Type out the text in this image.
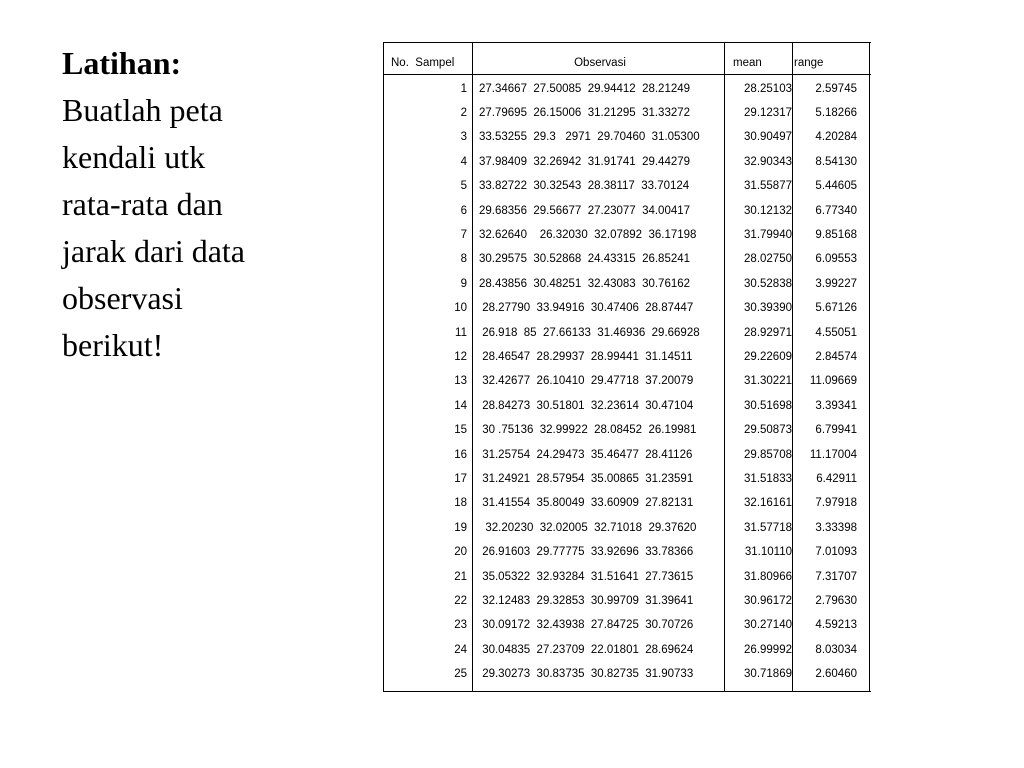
Latihan:
Buatlah peta
kendali utk
rata-rata dan
jarak dari data
observasi
berikut!
No.  Sampel	Observasi	mean	range
1 27.34667  27.50085  29.94412  28.21249	28.25103	2.59745
2 27.79695  26.15006  31.21295  31.33272	29.12317	5.18266
3 33.53255  29.3   2971  29.70460  31.05300	30.90497	4.20284
4 37.98409  32.26942  31.91741  29.44279	32.90343	8.54130
5 33.82722  30.32543  28.38117  33.70124	31.55877	5.44605
6 29.68356  29.56677  27.23077  34.00417	30.12132	6.77340
7 32.62640    26.32030  32.07892  36.17198	31.79940	9.85168
8 30.29575  30.52868  24.43315  26.85241	28.02750	6.09553
9 28.43856  30.48251  32.43083  30.76162	30.52838	3.99227
10 28.27790  33.94916  30.47406  28.87447	30.39390	5.67126
11 26.918  85  27.66133  31.46936  29.66928	28.92971	4.55051
12 28.46547  28.29937  28.99441  31.14511	29.22609	2.84574
13 32.42677  26.10410  29.47718  37.20079	31.30221	11.09669
14 28.84273  30.51801  32.23614  30.47104	30.51698	3.39341
15 30 .75136  32.99922  28.08452  26.19981	29.50873	6.79941
16 31.25754  24.29473  35.46477  28.41126	29.85708	11.17004
17 31.24921  28.57954  35.00865  31.23591	31.51833	6.42911
18 31.41554  35.80049  33.60909  27.82131	32.16161	7.97918
19 32.20230  32.02005  32.71018  29.37620	31.57718	3.33398
20 26.91603  29.77775  33.92696  33.78366	31.10110	7.01093
21 35.05322  32.93284  31.51641  27.73615	31.80966	7.31707
22 32.12483  29.32853  30.99709  31.39641	30.96172	2.79630
23 30.09172  32.43938  27.84725  30.70726	30.27140	4.59213
24 30.04835  27.23709  22.01801  28.69624	26.99992	8.03034
25 29.30273  30.83735  30.82735  31.90733	30.71869	2.60460
